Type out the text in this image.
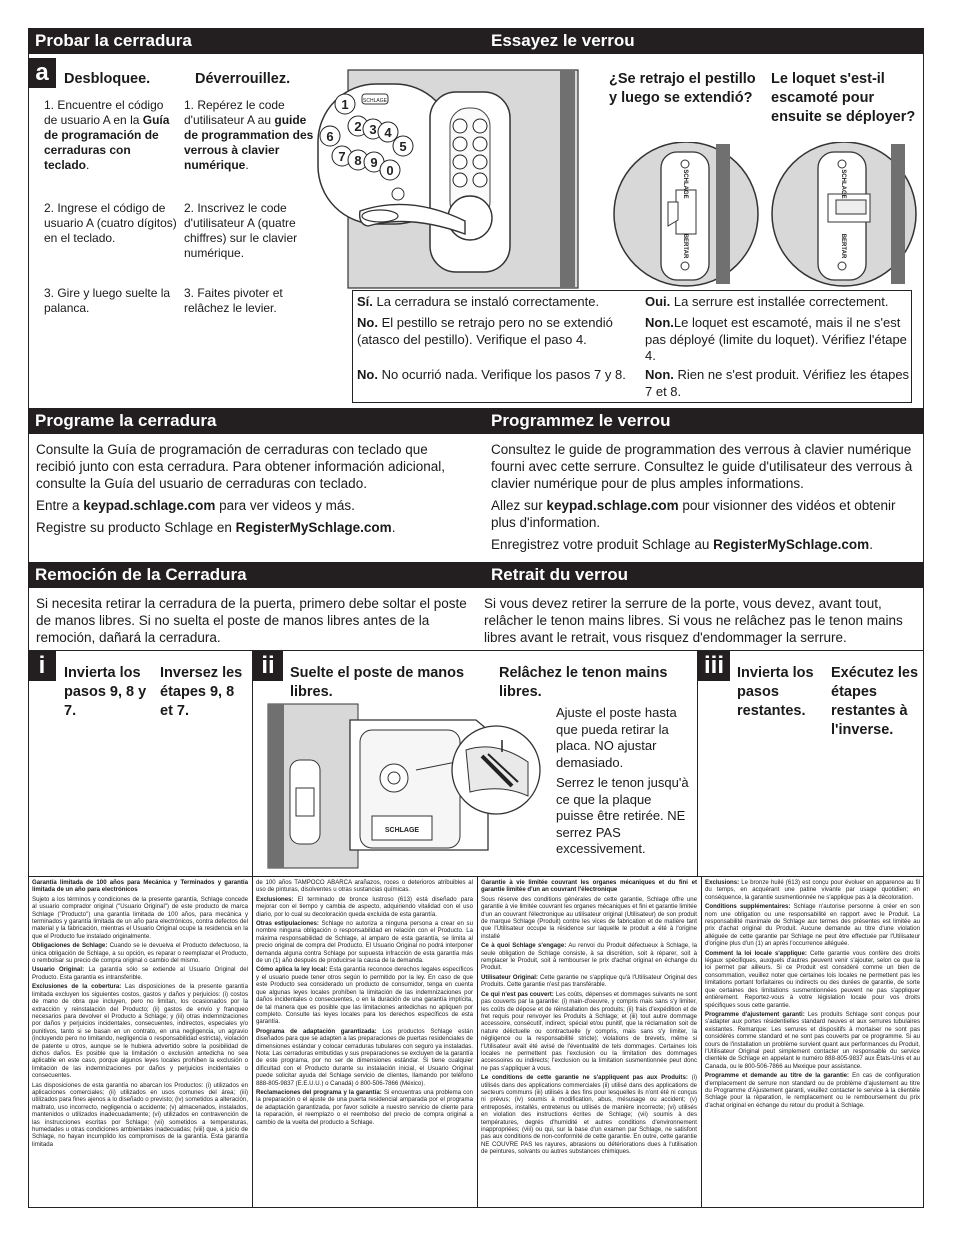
Probar la cerradura	Essayez le verrou
a	Desbloquee.	Déverrouillez.
1. Encuentre el código de usuario A en la Guía de programación de cerraduras con teclado.
2. Ingrese el código de usuario A (cuatro dígitos) en el teclado.
3. Gire y luego suelte la palanca.
1. Repérez le code d'utilisateur A au guide de programmation des verrous à clavier numérique.
2. Inscrivez le code d'utilisateur A (quatre chiffres) sur le clavier numérique.
3. Faites pivoter et relâchez le levier.
1
2 3 4
5
6
7 8 9
0
SCHLAGE
¿Se retrajo el pestillo y luego se extendió?
Le loquet s'est-il escamoté pour ensuite se déployer?
SCHLAGE
BERTAR
SCHLAGE
BERTAR
Sí. La cerradura se instaló correctamente.
No. El pestillo se retrajo pero no se extendió (atasco del pestillo). Verifique el paso 4.
No. No ocurrió nada. Verifique los pasos 7 y 8.
Oui. La serrure est installée correctement.
Non.Le loquet est escamoté, mais il ne s'est pas déployé (limite du loquet). Vérifiez l'étape 4.
Non. Rien ne s'est produit. Vérifiez les étapes 7 et 8.
Programe la cerradura	Programmez le verrou
Consulte la Guía de programación de cerraduras con teclado que recibió junto con esta cerradura. Para obtener información adicional, consulte la Guía del usuario de cerraduras con teclado.
Entre a keypad.schlage.com para ver videos y más.
Registre su producto Schlage en RegisterMySchlage.com.
Consultez le guide de programmation des verrous à clavier numérique fourni avec cette serrure. Consultez le guide d'utilisateur des verrous à clavier numérique pour de plus amples informations.
Allez sur keypad.schlage.com pour visionner des vidéos et obtenir plus d'information.
Enregistrez votre produit Schlage au RegisterMySchlage.com.
Remoción de la Cerradura	Retrait du verrou
Si necesita retirar la cerradura de la puerta, primero debe soltar el poste de manos libres. Si no suelta el poste de manos libres antes de la remoción, dañará la cerradura.
Si vous devez retirer la serrure de la porte, vous devez, avant tout, relâcher le tenon mains libres. Si vous ne relâchez pas le tenon mains libres avant le retrait, vous risquez d'endommager la serrure.
i	Invierta los pasos 9, 8 y 7.
Inversez les étapes 9, 8 et 7.
ii	Suelte el poste de manos libres.
Relâchez le tenon mains libres.
Ajuste el poste hasta que pueda retirar la placa. NO ajustar demasiado.
Serrez le tenon jusqu'à ce que la plaque puisse être retirée. NE serrez PAS excessivement.
SCHLAGE
iii Invierta los pasos restantes.
Exécutez les étapes restantes à l'inverse.

Garantía limitada de 100 años para Mecánica y Terminados y garantía limitada de un año para electrónicos

Sujeto a los términos y condiciones de la presente garantía, Schlage concede al usuario comprador original ("Usuario Original") de este producto de marca Schlage ("Producto") una garantía limitada de 100 años, para mecánica y terminados y garantía limitada de un año para electrónicos, contra defectos del material y la fabricación, mientras el Usuario Original ocupe la residencia en la que el Producto fue instalado originalmente.

Obligaciones de Schlage: Cuando se le devuelva el Producto defectuoso, la única obligación de Schlage, a su opción, es reparar o reemplazar el Producto, o rembolsar su precio de compra original o cambio del mismo.

Usuario Original: La garantía sólo se extiende al Usuario Original del Producto. Esta garantía es intransferible.

Exclusiones de la cobertura: Las disposiciones de la presente garantía limitada excluyen los siguientes costos, gastos y daños y perjuicios: (i) costos de mano de obra que incluyen, pero no limitan, los ocasionados por la extracción y reinstalación del Producto; (ii) gastos de envío y franqueo necesarios para devolver el Producto a Schlage; y (iii) otras indemnizaciones por daños y perjuicios incidentales, consecuentes, indirectos, especiales y/o punitivos, tanto si se basan en un contrato, en una negligencia, un agravio (incluyendo pero no limitando, negligencia o responsabilidad estricta), violación de patente u otros, aunque se le hubiera advertido sobre la posibilidad de dichos daños. Es posible que la limitación o exclusión antedicha no sea aplicable en este caso, porque algunos leyes locales prohíben la exclusión o limitación de las indemnizaciones por daños y perjuicios incidentales o consecuentes.

Las disposiciones de esta garantía no abarcan los Productos: (i) utilizados en aplicaciones comerciales; (ii) utilizados en usos comunes del área; (iii) utilizados para fines ajenos a lo diseñado o previsto; (iv) sometidos a alteración, maltrato, uso incorrecto, negligencia o accidente; (v) almacenados, instalados, mantenidos o utilizados inadecuadamente; (vi) utilizados en contravención de las instrucciones escritas por Schlage; (vii) sometidos a temperaturas, humedades u otras condiciones ambientales inadecuadas; (viii) que, a juicio de Schlage, no hayan incumplido los compromisos de la garantía. Esta garantía limitada

de 100 años TAMPOCO ABARCA arañazos, roces o deterioros atribuibles al uso de pinturas, disolventes u otras sustancias químicas.

Exclusiones: El terminado de bronce lustroso (613) está diseñado para mejorar con el tiempo y cambia de aspecto, adquiriendo vitalidad con el uso diario, por lo cual su decoloración queda excluida de esta garantía.

Otras estipulaciones: Schlage no autoriza a ninguna persona a crear en su nombre ninguna obligación o responsabilidad en relación con el Producto. La máxima responsabilidad de Schlage, al amparo de esta garantía, se limita al precio original de compra del Producto. El Usuario Original no podrá interponer demanda alguna contra Schlage por supuesta infracción de esta garantía más de un (1) año después de producirse la causa de la demanda.

Cómo aplica la ley local: Esta garantía reconoce derechos legales específicos y el usuario puede tener otros según lo permitido por la ley. En caso de que este Producto sea considerado un producto de consumidor, tenga en cuenta que algunas leyes locales prohíben la limitación de las indemnizaciones por daños incidentales o consecuentes, o en la duración de una garantía implícita, de tal manera que es posible que las limitaciones antedichas no apliquen por completo. Consulte las leyes locales para los derechos específicos de esta garantía.

Programa de adaptación garantizada: Los productos Schlage están diseñados para que se adapten a las preparaciones de puertas residenciales de dimensiones estándar y colocar cerraduras tubulares con seguro ya instaladas. Nota: Las cerraduras embutidas y sus preparaciones se excluyen de la garantía de este programa, por no ser de dimensiones estándar. Si tiene cualquier dificultad con el Producto durante su instalación inicial, el Usuario Original puede solicitar ayuda del Schlage servicio de clientes, llamando por teléfono 888-805-9837 (E.E.U.U.) o Canadá) ó 800-506-7866 (México).

Reclamaciones del programa y la garantía: Si encuentras una problema con la preparación o el ajuste de una puerta residencial amparada por el programa de adaptación garantizada, por favor solicite a nuestro servicio de cliente para la reparación, el reemplazo o el reembolso del precio de compra original a cambio de la vuelta del producto a Schlage.

Garantie à vie limitée couvrant les organes mécaniques et du fini et garantie limitée d'un an couvrant l'électronique

Sous réserve des conditions générales de cette garantie, Schlage offre une garantie à vie limitée couvrant les organes mécaniques et fini et garantie limitée d'un an couvrant l'électronique au utilisateur original (Utilisateur) de son produit de marque Schlage (Produit) contre les vices de fabrication et de matière tant que l'Utilisateur occupe la résidence sur laquelle le produit a été à l'origine installé

Ce à quoi Schlage s'engage: Au renvoi du Produit défectueux à Schlage, la seule obligation de Schlage consiste, à sa discrétion, soit à réparer, soit à remplacer le Produit, soit à rembourser le prix d'achat original en échange du Produit.

Utilisateur Original: Cette garantie ne s'applique qu'à l'Utilisateur Original des Produits. Cette garantie n'est pas transférable.

Ce qui n'est pas couvert: Les coûts, dépenses et dommages suivants ne sont pas couverts par la garantie: (i) main-d'oeuvre, y compris mais sans s'y limiter, les coûts de dépose et de réinstallation des produits; (ii) frais d'expédition et de fret requis pour renvoyer les Produits à Schlage; et (iii) tout autre dommage accessoire, consécutif, indirect, spécial et/ou punitif, que la réclamation soit de nature délictuelle ou contractuelle (y compris, mais sans s'y limiter, la négligence ou la responsabilité stricte); violations de brevets, même si l'Utilisateur avait été avisé de l'éventualité de tels dommages. Certaines lois locales ne permettent pas l'exclusion ou la limitation des dommages accessoires ou indirects; l'exclusion ou la limitation susmentionnée peut donc ne pas s'appliquer à vous.

Le conditions de cette garantie ne s'appliquent pas aux Produits: (i) utilisés dans des applications commerciales (ii) utilisé dans des applications de secteurs communs (iii) utilisés à des fins pour lesquelles ils n'ont été ni conçus ni prévus; (iv) soumis à modification, abus, mésusage ou accident; (v) entreposés, installés, entretenus ou utilisés de manière incorrecte; (vi) utilisés en violation des instructions écrites de Schlage; (vii) soumis à des températures, degrés d'humidité et autres conditions d'environnement inappropriées; (viii) ou qui, sur la base d'un examen par Schlage, ne satisfont pas aux conditions de non-conformité de cette garantie. En outre, cette garantie NE COUVRE PAS les rayures, abrasions ou détériorations dues à l'utilisation de peintures, solvants ou autres substances chimiques.

Exclusions: Le bronze huilé (613) est conçu pour évoluer en apparence au fil du temps, en acquérant une patine vivante par usage quotidien; en conséquence, la garantie susmentionnée ne s'applique pas à la décoloration.

Conditions supplémentaires: Schlage n'autorise personne à créer en son nom une obligation ou une responsabilité en rapport avec le Produit. La responsabilité maximale de Schlage aux termes des présentes est limitée au prix d'achat original du Produit. Aucune demande au titre d'une violation alléguée de cette garantie par Schlage ne peut être effectuée par l'Utilisateur d'origine plus d'un (1) an après l'occurrence alléguée.

Comment la loi locale s'applique: Cette garantie vous confère des droits légaux spécifiques, auxquels d'autres peuvent venir s'ajouter, selon ce que la loi permet par ailleurs. Si ce Produit est considéré comme un bien de consommation, veuillez noter que certaines lois locales ne permettent pas les limitations portant forfaitaires ou indirects ou des durées de garantie, de sorte que certaines des limitations susmentionnées peuvent ne pas s'appliquer entièrement. Reportez-vous à votre législation locale pour vos droits spécifiques sous cette garantie.

Programme d'ajustement garanti: Les produits Schlage sont conçus pour s'adapter aux portes résidentielles standard neuves et aux serrures tubulaires existantes. Remarque: Les serrures et dispositifs à mortaiser ne sont pas considérés comme standard et ne sont pas couverts par ce programme. Si au cours de l'installation un problème survient quant aux performances du Produit, l'Utilisateur Original peut simplement contacter un responsable du service clientèle de Schlage en appelant le numéro 888-805-9837 aux États-Unis et au Canada, ou le 800-506-7866 au Mexique pour assistance.

Programme et demande au titre de la garantie: En cas de configuration d'emplacement de serrure non standard ou de problème d'ajustement au titre du Programme d'Ajustement garanti, veuillez contacter le service à la clientèle Schlage pour la réparation, le remplacement ou le remboursement du prix d'achat original en échange du retour du produit à Schlage.
